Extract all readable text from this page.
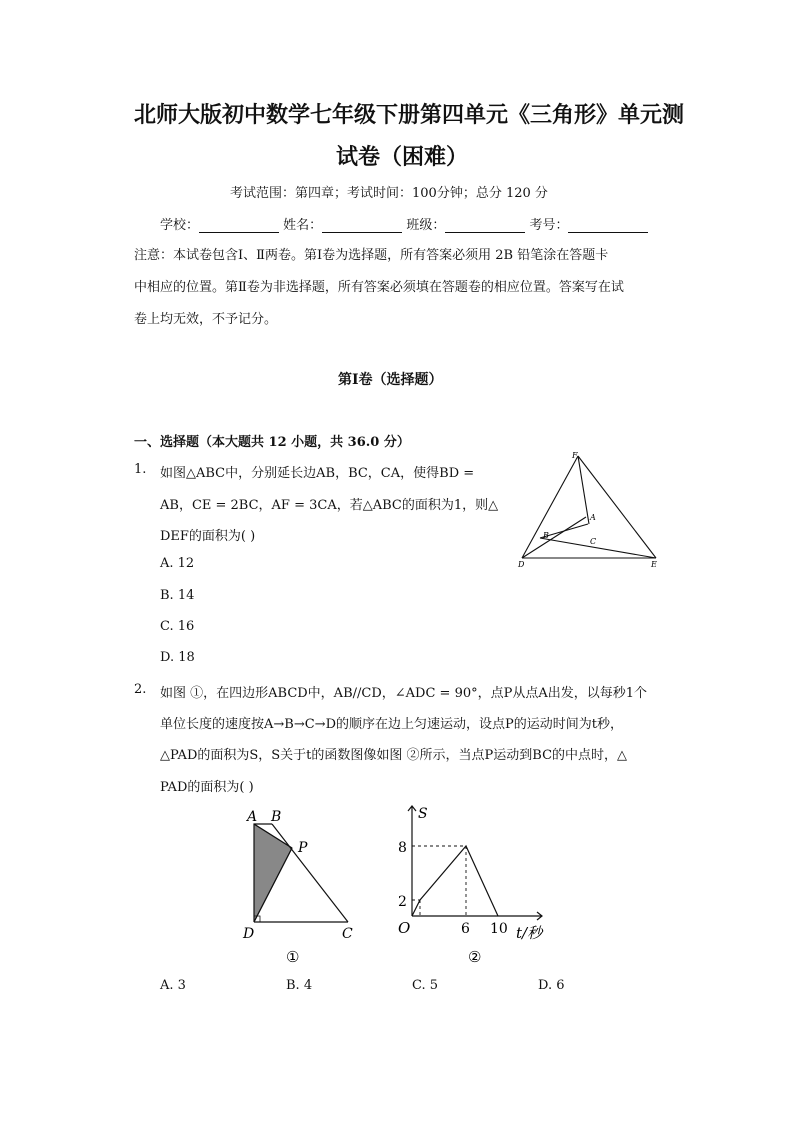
北师大版初中数学七年级下册第四单元《三角形》单元测
试卷（困难）
考试范围：第四章；考试时间：100分钟；总分 120 分
学校：	姓名：	班级：	考号：
注意：本试卷包含Ⅰ、Ⅱ两卷。第Ⅰ卷为选择题，所有答案必须用 2B 铅笔涂在答题卡
中相应的位置。第Ⅱ卷为非选择题，所有答案必须填在答题卷的相应位置。答案写在试
卷上均无效，不予记分。
第Ⅰ卷（选择题）
一、选择题（本大题共 12 小题，共 36.0 分）
1. 如图△ABC中，分别延长边AB，BC，CA，使得BD =
AB，CE = 2BC，AF = 3CA，若△ABC的面积为1，则△
DEF的面积为( )
A. 12
B. 14
C. 16
D. 18
F
A
B
C
D	E
2. 如图 ①，在四边形ABCD中，AB//CD，∠ADC = 90°，点P从点A出发，以每秒1个
单位长度的速度按A→B→C→D的顺序在边上匀速运动，设点P的运动时间为t秒，
△PAD的面积为S，S关于t的函数图像如图 ②所示，当点P运动到BC的中点时，△
PAD的面积为( )
A B
P
D	C
①
S
8
2
O	6 10 t/秒
②
A. 3	B. 4	C. 5	D. 6
